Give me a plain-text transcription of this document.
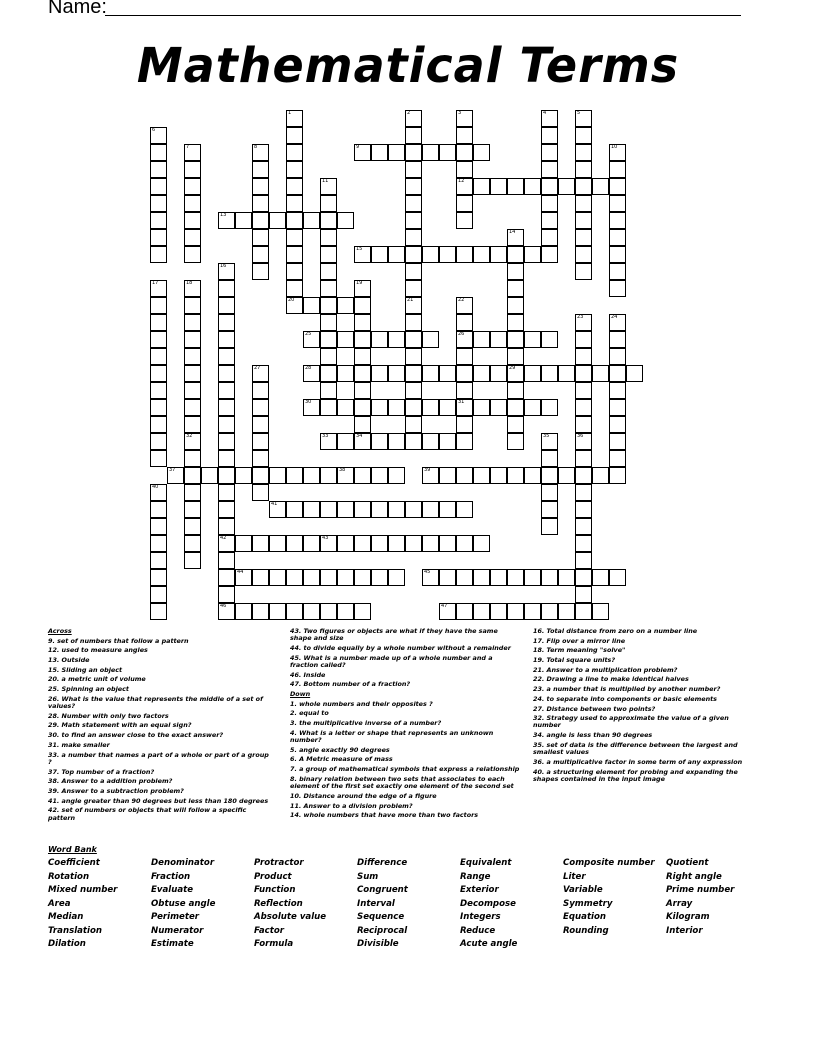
Name:
Mathematical Terms
1
20
2
21
3
12
4	5
6
7	8	10
11
14
29
16
42
17	18
32
19
34
22
26
31
23
36
24
27
35
40
9
13
15
25
28
30
33
37	38	39
41
43
44	45
46	47
Across
9. set of numbers that follow a pattern
12. used to measure angles
13. Outside
15. Sliding an object
20. a metric unit of volume
25. Spinning an object
26. What is the value that represents the middle of a set of values?
28. Number with only two factors
29. Math statement with an equal sign?
30. to find an answer close to the exact answer?
31. make smaller
33. a number that names a part of a whole or part of a group ?
37. Top number of a fraction?
38. Answer to a addition problem?
39. Answer to a subtraction problem?
41. angle greater than 90 degrees but less than 180 degrees
42. set of numbers or objects that will follow a specific pattern
43. Two figures or objects are what if they have the same shape and size
44. to divide equally by a whole number without a remainder
45. What is a number made up of a whole number and a fraction called?
46. Inside
47. Bottom number of a fraction?
Down
1. whole numbers and their opposites ?
2. equal to
3. the multiplicative inverse of a number?
4. What is a letter or shape that represents an unknown number?
5. angle exactly 90 degrees
6. A Metric measure of mass
7. a group of mathematical symbols that express a relationship
8. binary relation between two sets that associates to each element of the first set exactly one element of the second set
10. Distance around the edge of a figure
11. Answer to a division problem?
14. whole numbers that have more than two factors
16. Total distance from zero on a number line
17. Flip over a mirror line
18. Term meaning "solve"
19. Total square units?
21. Answer to a multiplication problem?
22. Drawing a line to make identical halves
23. a number that is multiplied by another number?
24. to separate into components or basic elements
27. Distance between two points?
32. Strategy used to approximate the value of a given number
34. angle is less than 90 degrees
35. set of data is the difference between the largest and smallest values
36. a multiplicative factor in some term of any expression
40. a structuring element for probing and expanding the shapes contained in the input image
Word Bank
Coefficient	Denominator	Protractor	Difference	Equivalent	Composite number	Quotient
Rotation	Fraction	Product	Sum	Range	Liter	Right angle
Mixed number	Evaluate	Function	Congruent	Exterior	Variable	Prime number
Area	Obtuse angle	Reflection	Interval	Decompose	Symmetry	Array
Median	Perimeter	Absolute value	Sequence	Integers	Equation	Kilogram
Translation	Numerator	Factor	Reciprocal	Reduce	Rounding	Interior
Dilation	Estimate	Formula	Divisible	Acute angle
